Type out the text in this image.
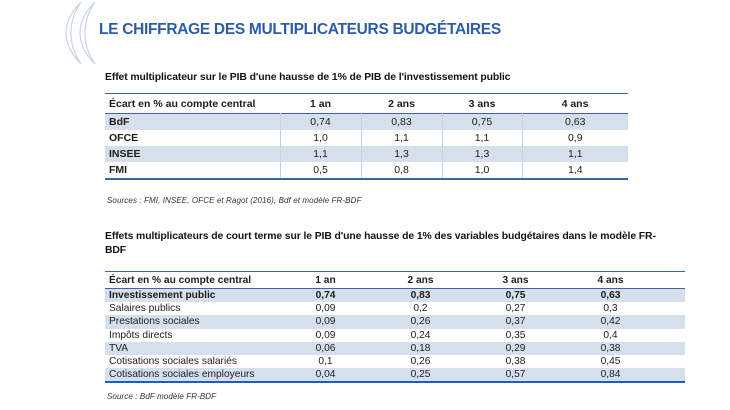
LE CHIFFRAGE DES MULTIPLICATEURS BUDGÉTAIRES
Effet multiplicateur sur le PIB d'une hausse de 1% de PIB de l'investissement public
Écart en % au compte central	1 an	2 ans	3 ans	4 ans
BdF	0,74	0,83	0,75	0,63
OFCE	1,0	1,1	1,1	0,9
INSEE	1,1	1,3	1,3	1,1
FMI	0,5	0,8	1,0	1,4
Sources : FMI, INSEE, OFCE et Ragot (2016), Bdf et modèle FR-BDF
Effets multiplicateurs de court terme sur le PIB d'une hausse de 1% des variables budgétaires dans le modèle FR-BDF
Écart en % au compte central	1 an	2 ans	3 ans	4 ans	
Investissement public	0,74	0,83	0,75	0,63	
Salaires publics	0,09	0,2	0,27	0,3	
Prestations sociales	0,09	0,26	0,37	0,42	
Impôts directs	0,09	0,24	0,35	0,4	
TVA	0,06	0,18	0,29	0,38	
Cotisations sociales salariés	0,1	0,26	0,38	0,45	
Cotisations sociales employeurs	0,04	0,25	0,57	0,84	
Source : BdF modèle FR-BDF
